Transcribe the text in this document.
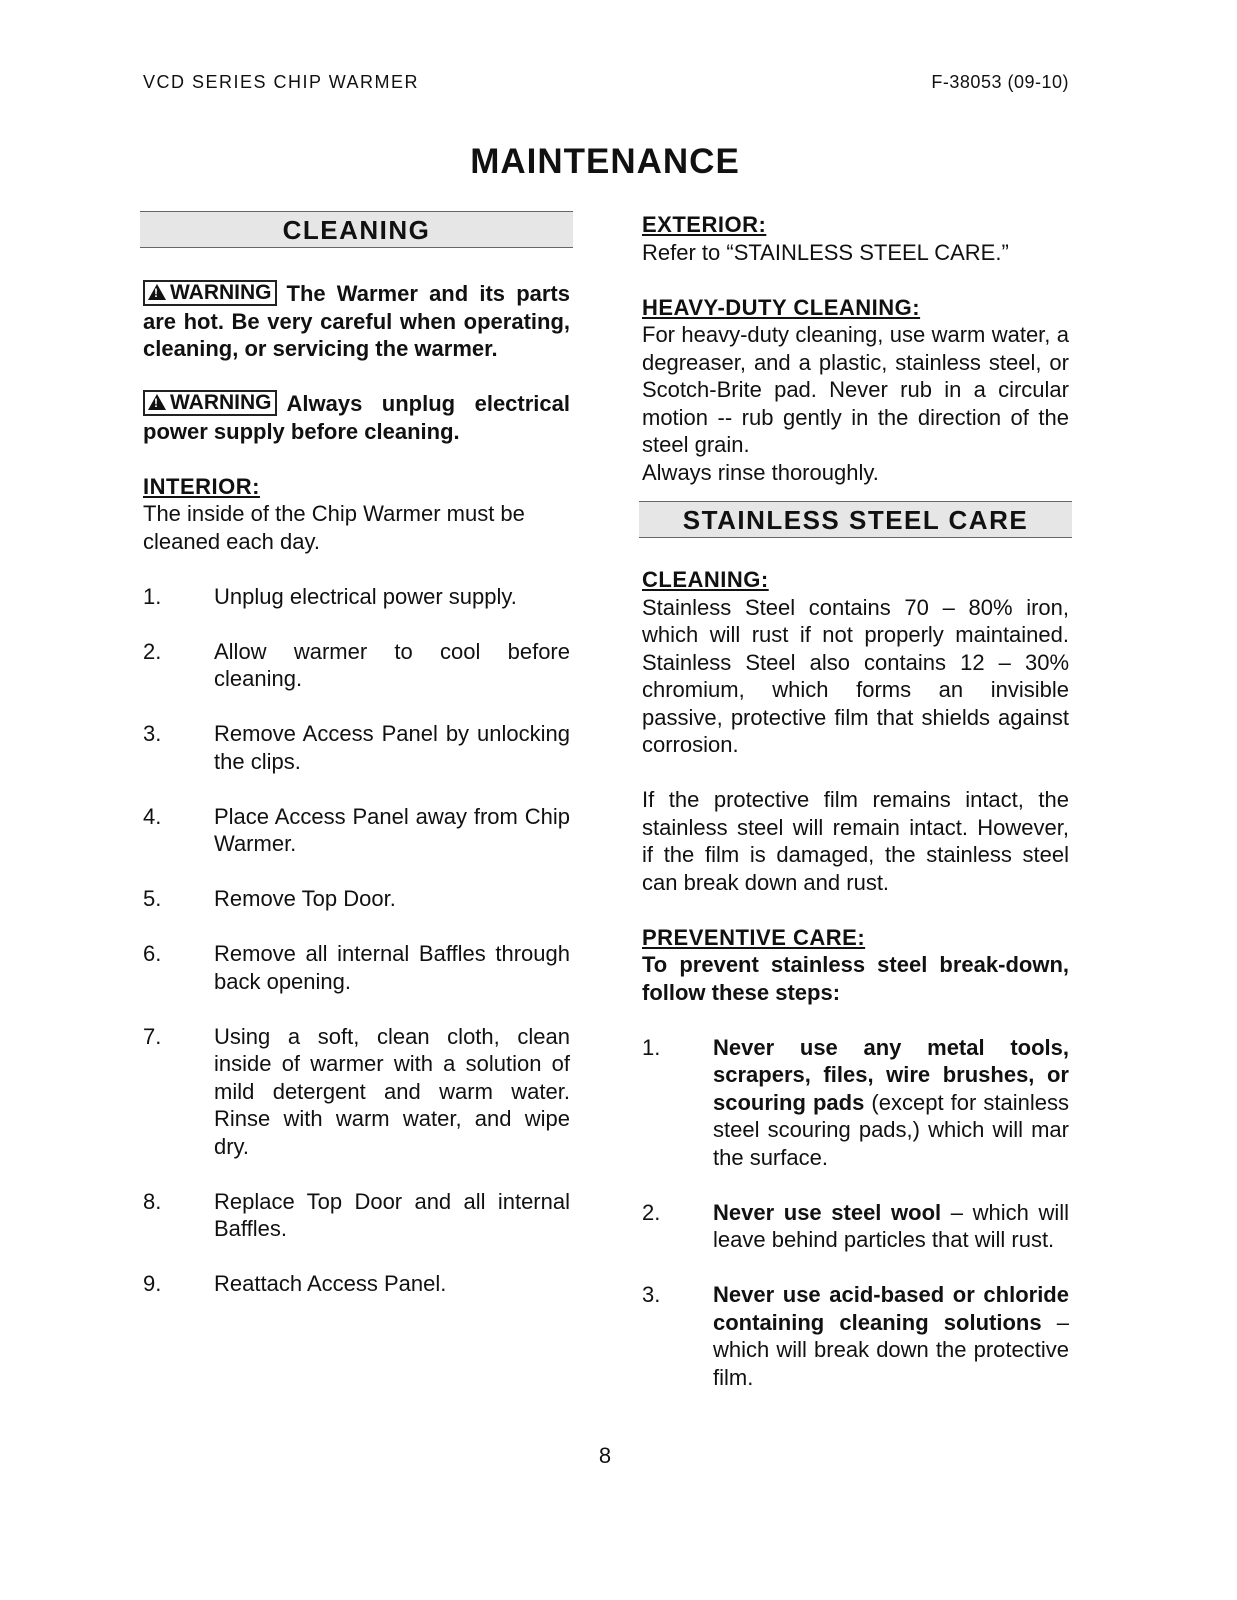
VCD SERIES CHIP WARMER	F-38053 (09-10)
MAINTENANCE
CLEANING

!WARNING The Warmer and its parts are hot. Be very careful when operating, cleaning, or servicing the warmer.

!WARNING Always unplug electrical power supply before cleaning.

INTERIOR:

The inside of the Chip Warmer must be cleaned each day.

1.	Unplug electrical power supply.
2.	Allow warmer to cool before cleaning.
3.	Remove Access Panel by unlocking the clips.
4.	Place Access Panel away from Chip Warmer.
5.	Remove Top Door.
6.	Remove all internal Baffles through back opening.
7.	Using a soft, clean cloth, clean inside of warmer with a solution of mild detergent and warm water. Rinse with warm water, and wipe dry.
8.	Replace Top Door and all internal Baffles.
9.	Reattach Access Panel.
EXTERIOR:

Refer to “STAINLESS STEEL CARE.”

HEAVY-DUTY CLEANING:

For heavy-duty cleaning, use warm water, a degreaser, and a plastic, stainless steel, or Scotch-Brite pad. Never rub in a circular motion -- rub gently in the direction of the steel grain.

Always rinse thoroughly.

STAINLESS STEEL CARE
CLEANING:

Stainless Steel contains 70 – 80% iron, which will rust if not properly maintained. Stainless Steel also contains 12 – 30% chromium, which forms an invisible passive, protective film that shields against corrosion.

If the protective film remains intact, the stainless steel will remain intact. However, if the film is damaged, the stainless steel can break down and rust.

PREVENTIVE CARE:

To prevent stainless steel break-down, follow these steps:

1.	Never use any metal tools, scrapers, files, wire brushes, or scouring pads (except for stainless steel scouring pads,) which will mar the surface.
2.	Never use steel wool – which will leave behind particles that will rust.
3.	Never use acid-based or chloride containing cleaning solutions – which will break down the protective film.
8
